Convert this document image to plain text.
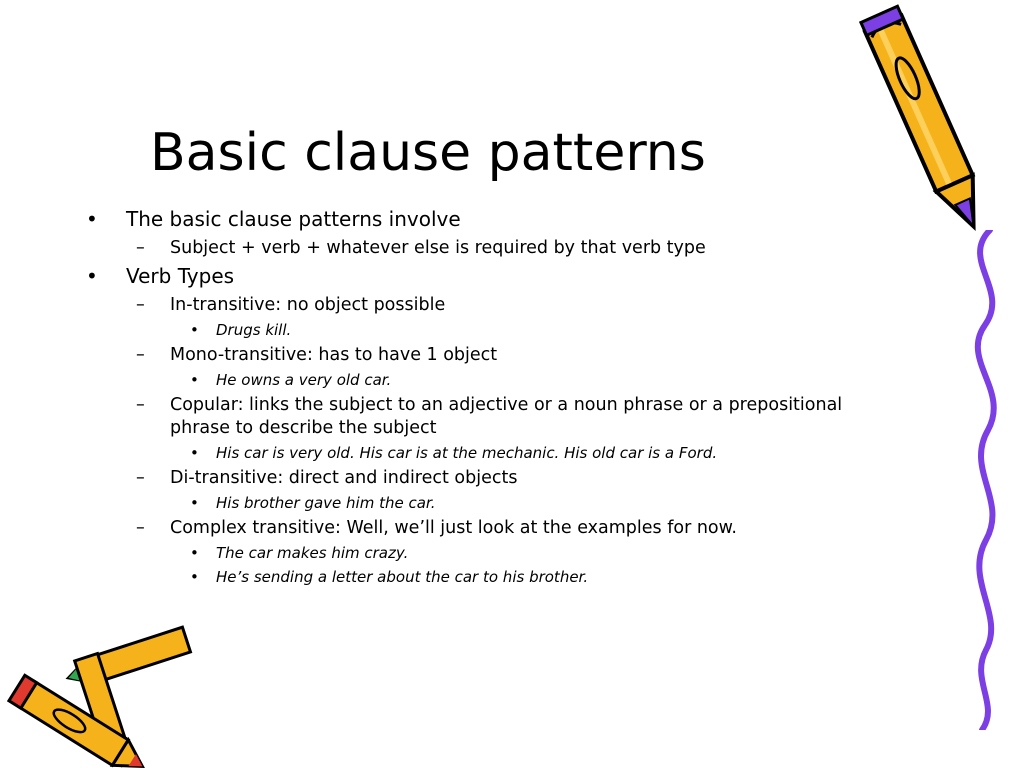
Basic clause patterns
• The basic clause patterns involve
– Subject + verb + whatever else is required by that verb type
• Verb Types
– In-transitive: no object possible
• Drugs kill.
– Mono-transitive: has to have 1 object
• He owns a very old car.
– Copular: links the subject to an adjective or a noun phrase or a prepositional phrase to describe the subject
• His car is very old. His car is at the mechanic. His old car is a Ford.
– Di-transitive: direct and indirect objects
• His brother gave him the car.
– Complex transitive: Well, we’ll just look at the examples for now.
• The car makes him crazy.
• He’s sending a letter about the car to his brother.
